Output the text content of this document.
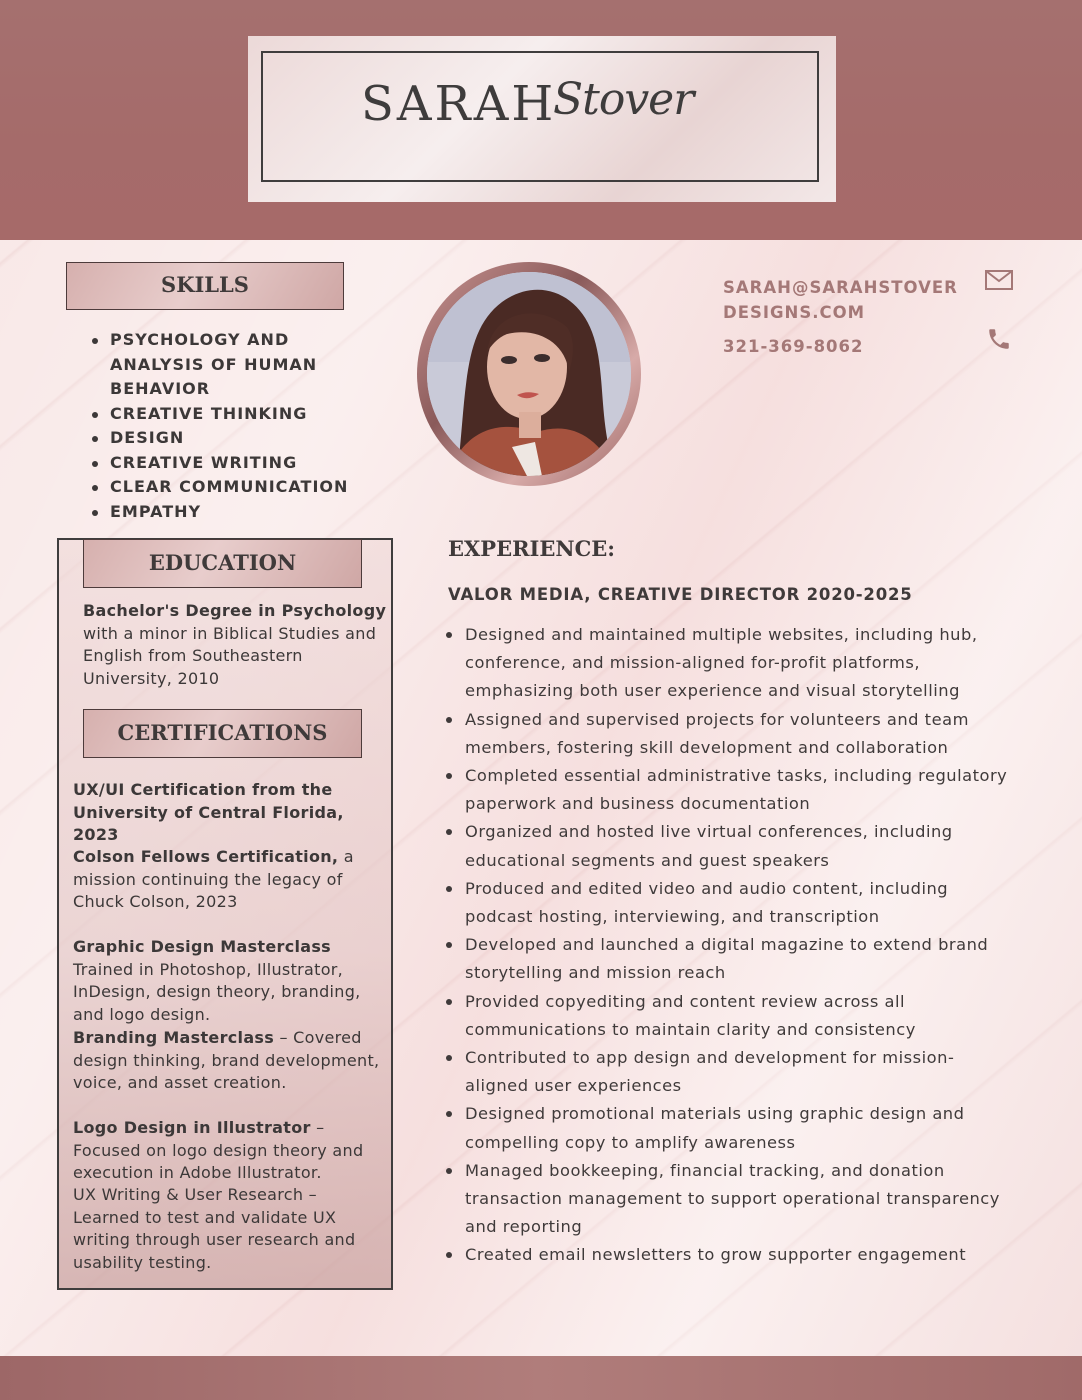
SARAH
Stover
SKILLS
PSYCHOLOGY AND ANALYSIS OF HUMAN BEHAVIOR
CREATIVE THINKING
DESIGN
CREATIVE WRITING
CLEAR COMMUNICATION
EMPATHY
EDUCATION
Bachelor's Degree in Psychology with a minor in Biblical Studies and English from Southeastern University, 2010
CERTIFICATIONS
UX/UI Certification from the University of Central Florida, 2023
Colson Fellows Certification, a mission continuing the legacy of Chuck Colson, 2023
Graphic Design Masterclass
Trained in Photoshop, Illustrator, InDesign, design theory, branding, and logo design.
Branding Masterclass – Covered design thinking, brand development, voice, and asset creation.
Logo Design in Illustrator – Focused on logo design theory and execution in Adobe Illustrator.
UX Writing & User Research – Learned to test and validate UX writing through user research and usability testing.
SARAH@SARAHSTOVER
DESIGNS.COM
321-369-8062
EXPERIENCE:
VALOR MEDIA, CREATIVE DIRECTOR 2020-2025
Designed and maintained multiple websites, including hub, conference, and mission-aligned for-profit platforms, emphasizing both user experience and visual storytelling
Assigned and supervised projects for volunteers and team members, fostering skill development and collaboration
Completed essential administrative tasks, including regulatory paperwork and business documentation
Organized and hosted live virtual conferences, including educational segments and guest speakers
Produced and edited video and audio content, including podcast hosting, interviewing, and transcription
Developed and launched a digital magazine to extend brand storytelling and mission reach
Provided copyediting and content review across all communications to maintain clarity and consistency
Contributed to app design and development for mission-aligned user experiences
Designed promotional materials using graphic design and compelling copy to amplify awareness
Managed bookkeeping, financial tracking, and donation transaction management to support operational transparency and reporting
Created email newsletters to grow supporter engagement
